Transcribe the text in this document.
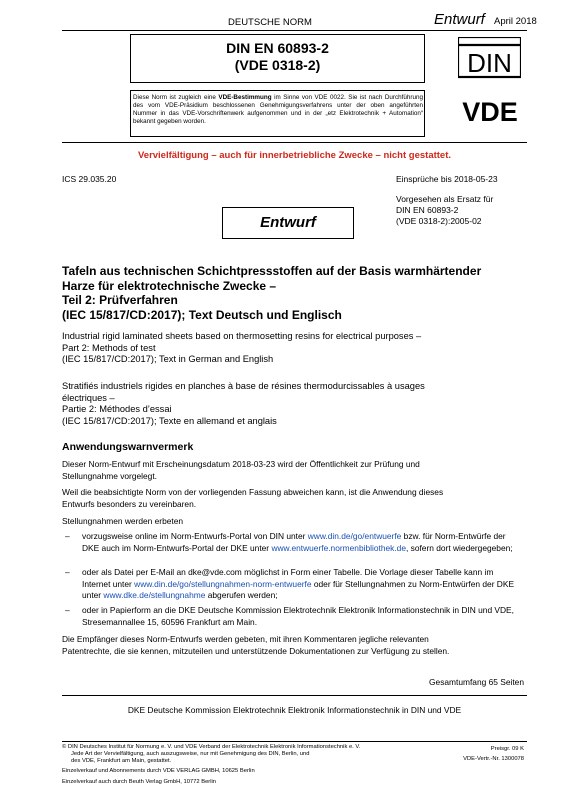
DEUTSCHE NORM	Entwurf April 2018
DIN EN 60893-2
(VDE 0318-2)	DIN
Diese Norm ist zugleich eine VDE-Bestimmung im Sinne von VDE 0022. Sie ist nach Durchführung des vom VDE-Präsidium beschlossenen Genehmigungsverfahrens unter der oben angeführten Nummer in das VDE-Vorschriftenwerk aufgenommen und in der „etz Elektrotechnik + Automation“ bekannt gegeben worden.	VDE
Vervielfältigung – auch für innerbetriebliche Zwecke – nicht gestattet.
ICS 29.035.20	Einsprüche bis 2018-05-23
Vorgesehen als Ersatz für
DIN EN 60893-2
(VDE 0318-2):2005-02
Entwurf
Tafeln aus technischen Schichtpressstoffen auf der Basis warmhärtender
Harze für elektrotechnische Zwecke –
Teil 2: Prüfverfahren
(IEC 15/817/CD:2017); Text Deutsch und Englisch
Industrial rigid laminated sheets based on thermosetting resins for electrical purposes –
Part 2: Methods of test
(IEC 15/817/CD:2017); Text in German and English
Stratifiés industriels rigides en planches à base de résines thermodurcissables à usages
électriques –
Partie 2: Méthodes d’essai
(IEC 15/817/CD:2017); Texte en allemand et anglais
Anwendungswarnvermerk
Dieser Norm-Entwurf mit Erscheinungsdatum 2018-03-23 wird der Öffentlichkeit zur Prüfung und
Stellungnahme vorgelegt.
Weil die beabsichtigte Norm von der vorliegenden Fassung abweichen kann, ist die Anwendung dieses
Entwurfs besonders zu vereinbaren.
Stellungnahmen werden erbeten
– vorzugsweise online im Norm-Entwurfs-Portal von DIN unter www.din.de/go/entwuerfe bzw. für Norm-Entwürfe der DKE auch im Norm-Entwurfs-Portal der DKE unter www.entwuerfe.normenbibliothek.de, sofern dort wiedergegeben;
– oder als Datei per E-Mail an dke@vde.com möglichst in Form einer Tabelle. Die Vorlage dieser Tabelle kann im Internet unter www.din.de/go/stellungnahmen-norm-entwuerfe oder für Stellungnahmen zu Norm-Entwürfen der DKE unter www.dke.de/stellungnahme abgerufen werden;
– oder in Papierform an die DKE Deutsche Kommission Elektrotechnik Elektronik Informationstechnik in DIN und VDE, Stresemannallee 15, 60596 Frankfurt am Main.
Die Empfänger dieses Norm-Entwurfs werden gebeten, mit ihren Kommentaren jegliche relevanten
Patentrechte, die sie kennen, mitzuteilen und unterstützende Dokumentationen zur Verfügung zu stellen.
Gesamtumfang 65 Seiten
DKE Deutsche Kommission Elektrotechnik Elektronik Informationstechnik in DIN und VDE
© DIN Deutsches Institut für Normung e. V. und VDE Verband der Elektrotechnik Elektronik Informationstechnik e. V.
Jede Art der Vervielfältigung, auch auszugsweise, nur mit Genehmigung des DIN, Berlin, und
des VDE, Frankfurt am Main, gestattet.
Einzelverkauf und Abonnements durch VDE VERLAG GMBH, 10625 Berlin
Einzelverkauf auch durch Beuth Verlag GmbH, 10772 Berlin
Preisgr. 09 K
VDE-Vertr.-Nr. 1300078
